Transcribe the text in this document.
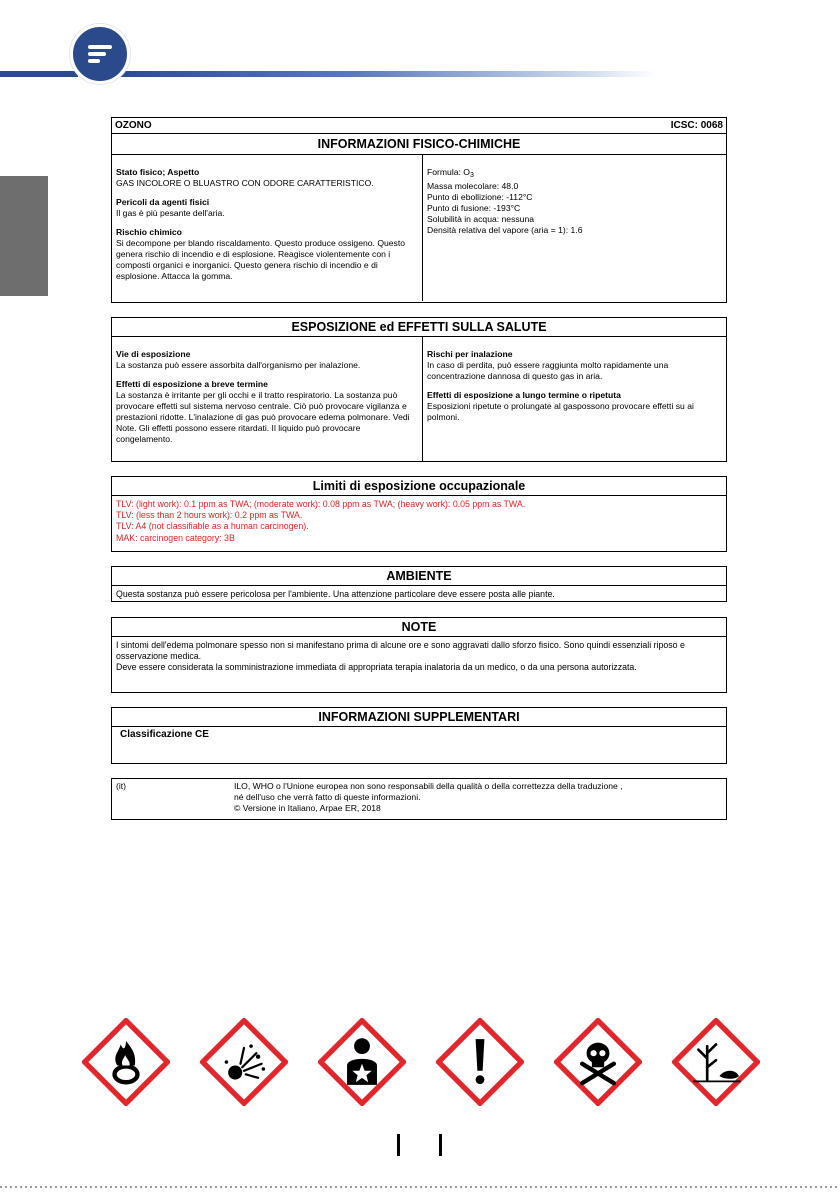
OZONO	ICSC: 0068
INFORMAZIONI FISICO-CHIMICHE
Stato fisico; Aspetto
GAS INCOLORE O BLUASTRO CON ODORE CARATTERISTICO.
Pericoli da agenti fisici
Il gas è più pesante dell'aria.
Rischio chimico
Si decompone per blando riscaldamento. Questo produce ossigeno. Questo genera rischio di incendio e di esplosione. Reagisce violentemente con i composti organici e inorganici. Questo genera rischio di incendio e di esplosione. Attacca la gomma.
Formula: $O_3$
Massa molecolare: 48.0
Punto di ebollizione: -112°C
Punto di fusione: -193°C
Solubilità in acqua: nessuna
Densità relativa del vapore (aria = 1): 1.6
ESPOSIZIONE ed EFFETTI SULLA SALUTE
Vie di esposizione
La sostanza può essere assorbita dall'organismo per inalazione.
Effetti di esposizione a breve termine
La sostanza è irritante per gli occhi e il tratto respiratorio. La sostanza può provocare effetti sul sistema nervoso centrale. Ciò può provocare vigilanza e prestazioni ridotte. L'inalazione di gas può provocare edema polmonare. Vedi Note. Gli effetti possono essere ritardati. Il liquido può provocare congelamento.
Rischi per inalazione
In caso di perdita, può essere raggiunta molto rapidamente una concentrazione dannosa di questo gas in aria.
Effetti di esposizione a lungo termine o ripetuta
Esposizioni ripetute o prolungate al gaspossono provocare effetti su ai polmoni.
Limiti di esposizione occupazionale
TLV: (light work): 0.1 ppm as TWA; (moderate work): 0.08 ppm as TWA; (heavy work): 0.05 ppm as TWA.
TLV: (less than 2 hours work): 0.2 ppm as TWA.
TLV: A4 (not classifiable as a human carcinogen).
MAK: carcinogen category: 3B
AMBIENTE
Questa sostanza può essere pericolosa per l'ambiente. Una attenzione particolare deve essere posta alle piante.
NOTE
I sintomi dell'edema polmonare spesso non si manifestano prima di alcune ore e sono aggravati dallo sforzo fisico. Sono quindi essenziali riposo e osservazione medica.
Deve essere considerata la somministrazione immediata di appropriata terapia inalatoria da un medico, o da una persona autorizzata.
INFORMAZIONI SUPPLEMENTARI
Classificazione CE
(it)	ILO, WHO o l'Unione europea non sono responsabili della qualità o della correttezza della traduzione ,
né dell'uso che verrà fatto di queste informazioni.
© Versione in Italiano, Arpae ER, 2018
